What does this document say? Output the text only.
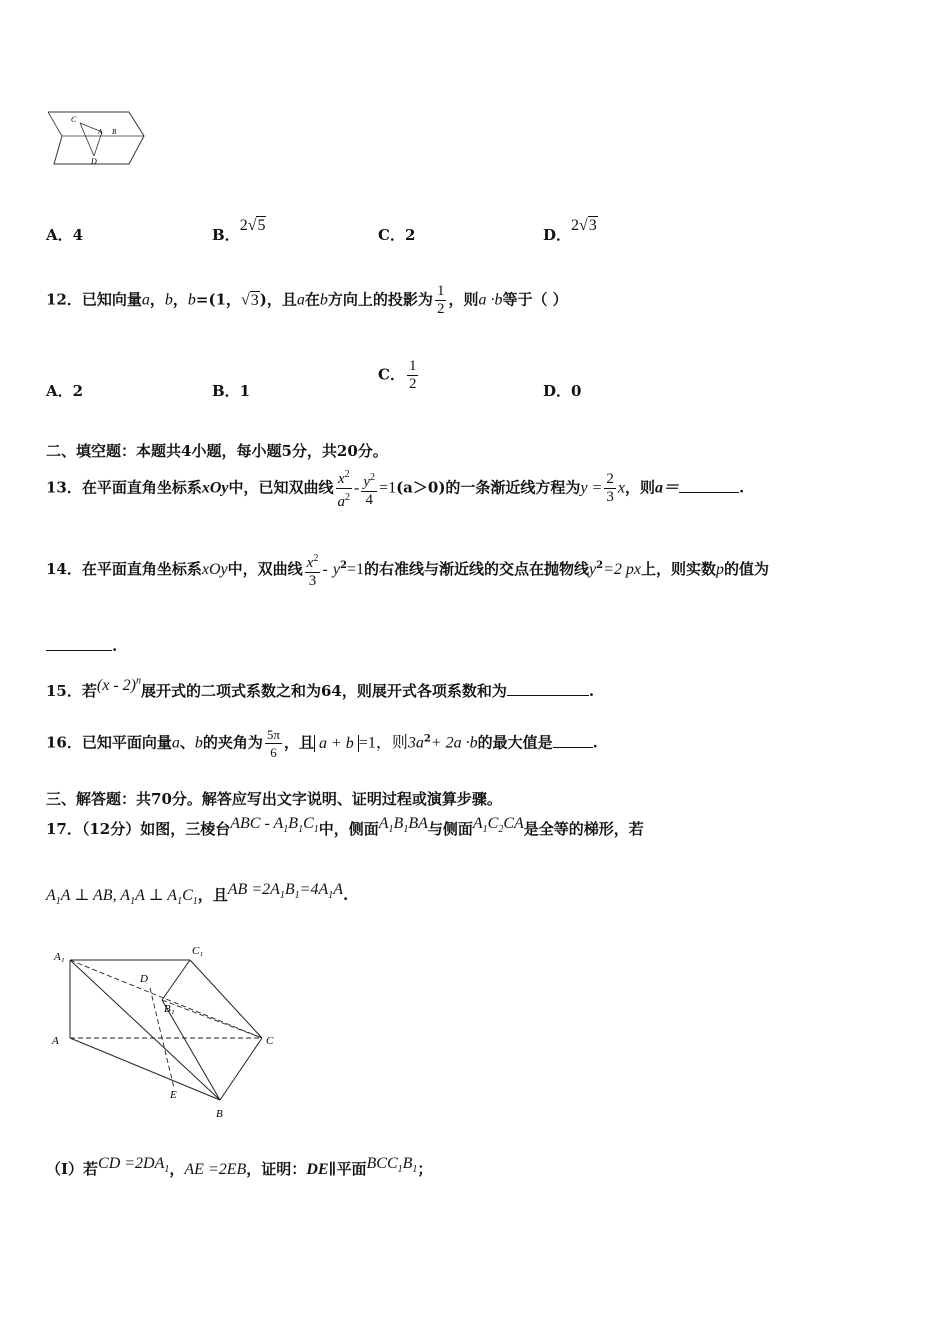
C
A B
D
A．4	B．2√5
C．2	D．2√3
12．已知向量a，b，b=(1，√3)，且a在b方向上的投影为 $\frac{1}{2}$ ，则a ·b等于（ ）
A．2	B．1
C． $\frac{1}{2}$	D．0
二、填空题：本题共4小题，每小题5分，共20分。
13．在平面直角坐标系xOy中，已知双曲线 $\frac{x^2}{a^2} - \frac{y^2}{4} =1(a>0)$的一条渐近线方程为$y = \frac{2}{3}$ x，则a＝	.
14．在平面直角坐标系xOy中，双曲线 $\frac{x^2}{3} - y^2=1$的右准线与渐近线的交点在抛物线$y^2=2$ px上，则实数p的值为
.
15．若(x - 2)$^n$展开式的二项式系数之和为64，则展开式各项系数和为	.
16．已知平面向量a、b的夹角为 $\frac{5\pi}{6}$ ，且 a + b =1，则$3a^2+ 2a \cdot b$的最大值是	.
三、解答题：共70分。解答应写出文字说明、证明过程或演算步骤。
17．（12分）如图，三棱台ABC - $A_1B_1C_1$中，侧面$A_1B_1BA$与侧面$A_1C_2CA$是全等的梯形，若
$A_1A$ ⊥ AB, $A_1A$ ⊥ $A_1C_1$，且AB $=2A_1B_1=4A_1A$.
A₁	C₁
D
B₁
A	C
E
B
（Ⅰ）若CD $=2DA_1$，AE =2EB，证明：DE∥平面$BCC_1B_1$；
